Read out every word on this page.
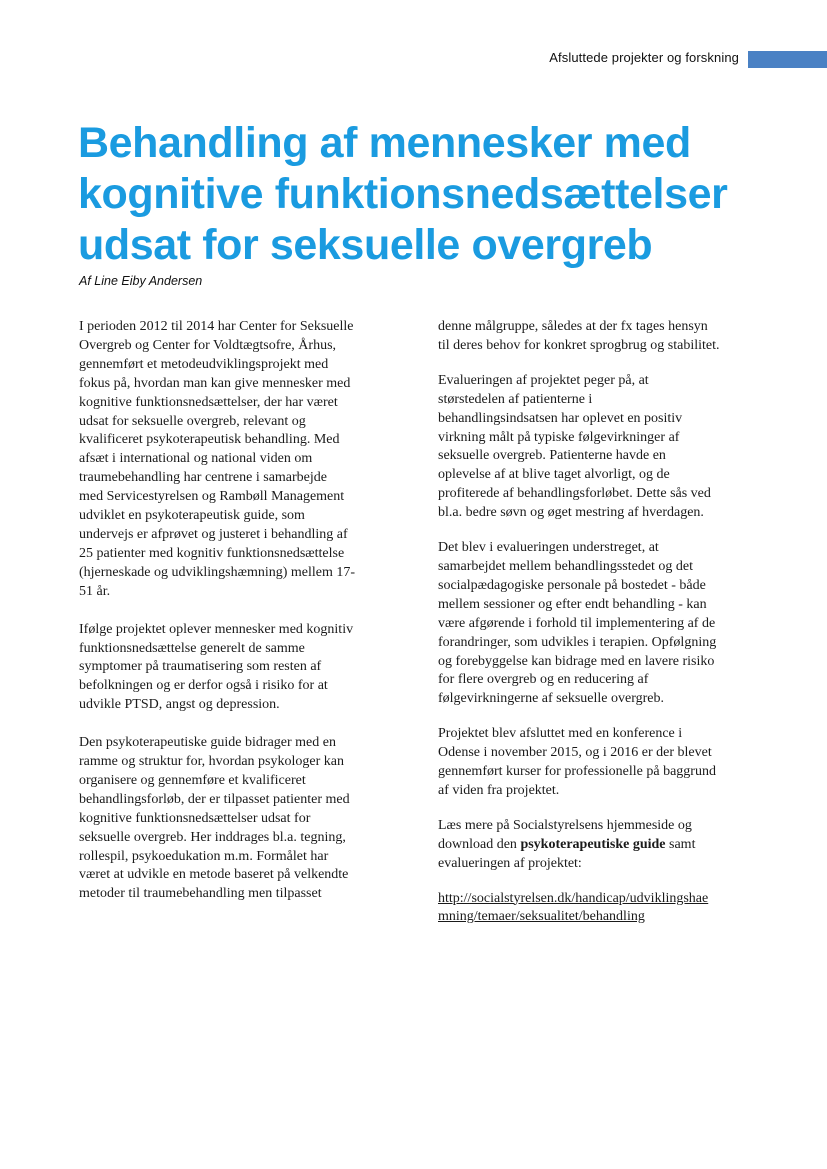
Afsluttede projekter og forskning
Behandling af mennesker med
kognitive funktionsnedsættelser
udsat for seksuelle overgreb
Af Line Eiby Andersen

I perioden 2012 til 2014 har Center for Seksuelle
Overgreb og Center for Voldtægtsofre, Århus,
gennemført et metodeudviklingsprojekt med
fokus på, hvordan man kan give mennesker med
kognitive funktionsnedsættelser, der har været
udsat for seksuelle overgreb, relevant og
kvalificeret psykoterapeutisk behandling. Med
afsæt i international og national viden om
traumebehandling har centrene i samarbejde
med Servicestyrelsen og Rambøll Management
udviklet en psykoterapeutisk guide, som
undervejs er afprøvet og justeret i behandling af
25 patienter med kognitiv funktionsnedsættelse
(hjerneskade og udviklingshæmning) mellem 17-
51 år.

Ifølge projektet oplever mennesker med kognitiv
funktionsnedsættelse generelt de samme
symptomer på traumatisering som resten af
befolkningen og er derfor også i risiko for at
udvikle PTSD, angst og depression.

Den psykoterapeutiske guide bidrager med en
ramme og struktur for, hvordan psykologer kan
organisere og gennemføre et kvalificeret
behandlingsforløb, der er tilpasset patienter med
kognitive funktionsnedsættelser udsat for
seksuelle overgreb. Her inddrages bl.a. tegning,
rollespil, psykoedukation m.m. Formålet har
været at udvikle en metode baseret på velkendte
metoder til traumebehandling men tilpasset

denne målgruppe, således at der fx tages hensyn
til deres behov for konkret sprogbrug og stabilitet.

Evalueringen af projektet peger på, at
størstedelen af patienterne i
behandlingsindsatsen har oplevet en positiv
virkning målt på typiske følgevirkninger af
seksuelle overgreb. Patienterne havde en
oplevelse af at blive taget alvorligt, og de
profiterede af behandlingsforløbet. Dette sås ved
bl.a. bedre søvn og øget mestring af hverdagen.

Det blev i evalueringen understreget, at
samarbejdet mellem behandlingsstedet og det
socialpædagogiske personale på bostedet - både
mellem sessioner og efter endt behandling - kan
være afgørende i forhold til implementering af de
forandringer, som udvikles i terapien. Opfølgning
og forebyggelse kan bidrage med en lavere risiko
for flere overgreb og en reducering af
følgevirkningerne af seksuelle overgreb.

Projektet blev afsluttet med en konference i
Odense i november 2015, og i 2016 er der blevet
gennemført kurser for professionelle på baggrund
af viden fra projektet.

Læs mere på Socialstyrelsens hjemmeside og
download den psykoterapeutiske guide samt
evalueringen af projektet:

http://socialstyrelsen.dk/handicap/udviklingshae
mning/temaer/seksualitet/behandling
